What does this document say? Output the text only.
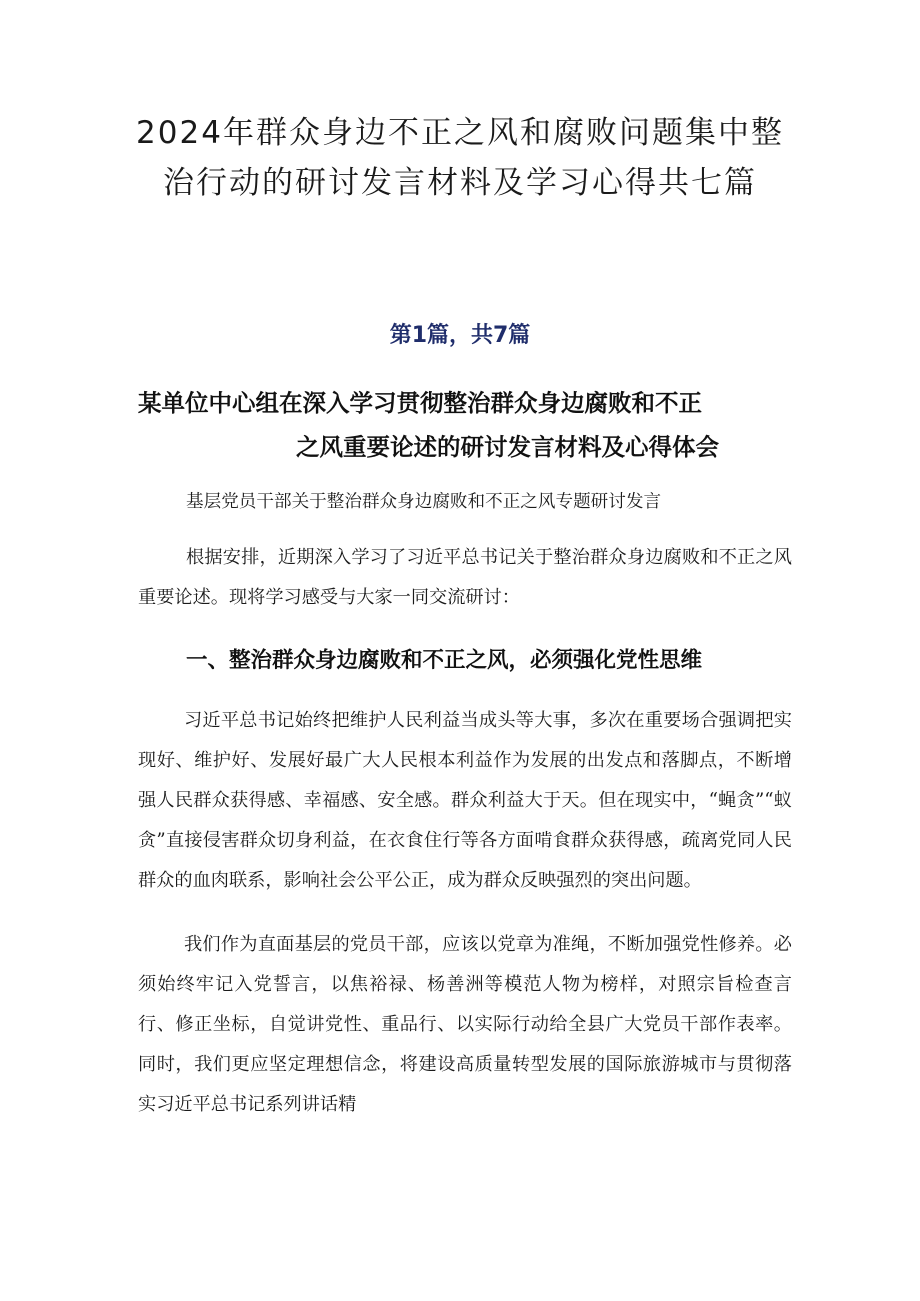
2024年群众身边不正之风和腐败问题集中整治行动的研讨发言材料及学习心得共七篇
第1篇，共7篇
某单位中心组在深入学习贯彻整治群众身边腐败和不正
之风重要论述的研讨发言材料及心得体会

基层党员干部关于整治群众身边腐败和不正之风专题研讨发言

根据安排，近期深入学习了习近平总书记关于整治群众身边腐败和不正之风重要论述。现将学习感受与大家一同交流研讨：

一、整治群众身边腐败和不正之风，必须强化党性思维

习近平总书记始终把维护人民利益当成头等大事，多次在重要场合强调把实现好、维护好、发展好最广大人民根本利益作为发展的出发点和落脚点，不断增强人民群众获得感、幸福感、安全感。群众利益大于天。但在现实中，“蝇贪”“蚁贪”直接侵害群众切身利益，在衣食住行等各方面啃食群众获得感，疏离党同人民群众的血肉联系，影响社会公平公正，成为群众反映强烈的突出问题。

我们作为直面基层的党员干部，应该以党章为准绳，不断加强党性修养。必须始终牢记入党誓言，以焦裕禄、杨善洲等模范人物为榜样，对照宗旨检查言行、修正坐标，自觉讲党性、重品行、以实际行动给全县广大党员干部作表率。同时，我们更应坚定理想信念，将建设高质量转型发展的国际旅游城市与贯彻落实习近平总书记系列讲话精
